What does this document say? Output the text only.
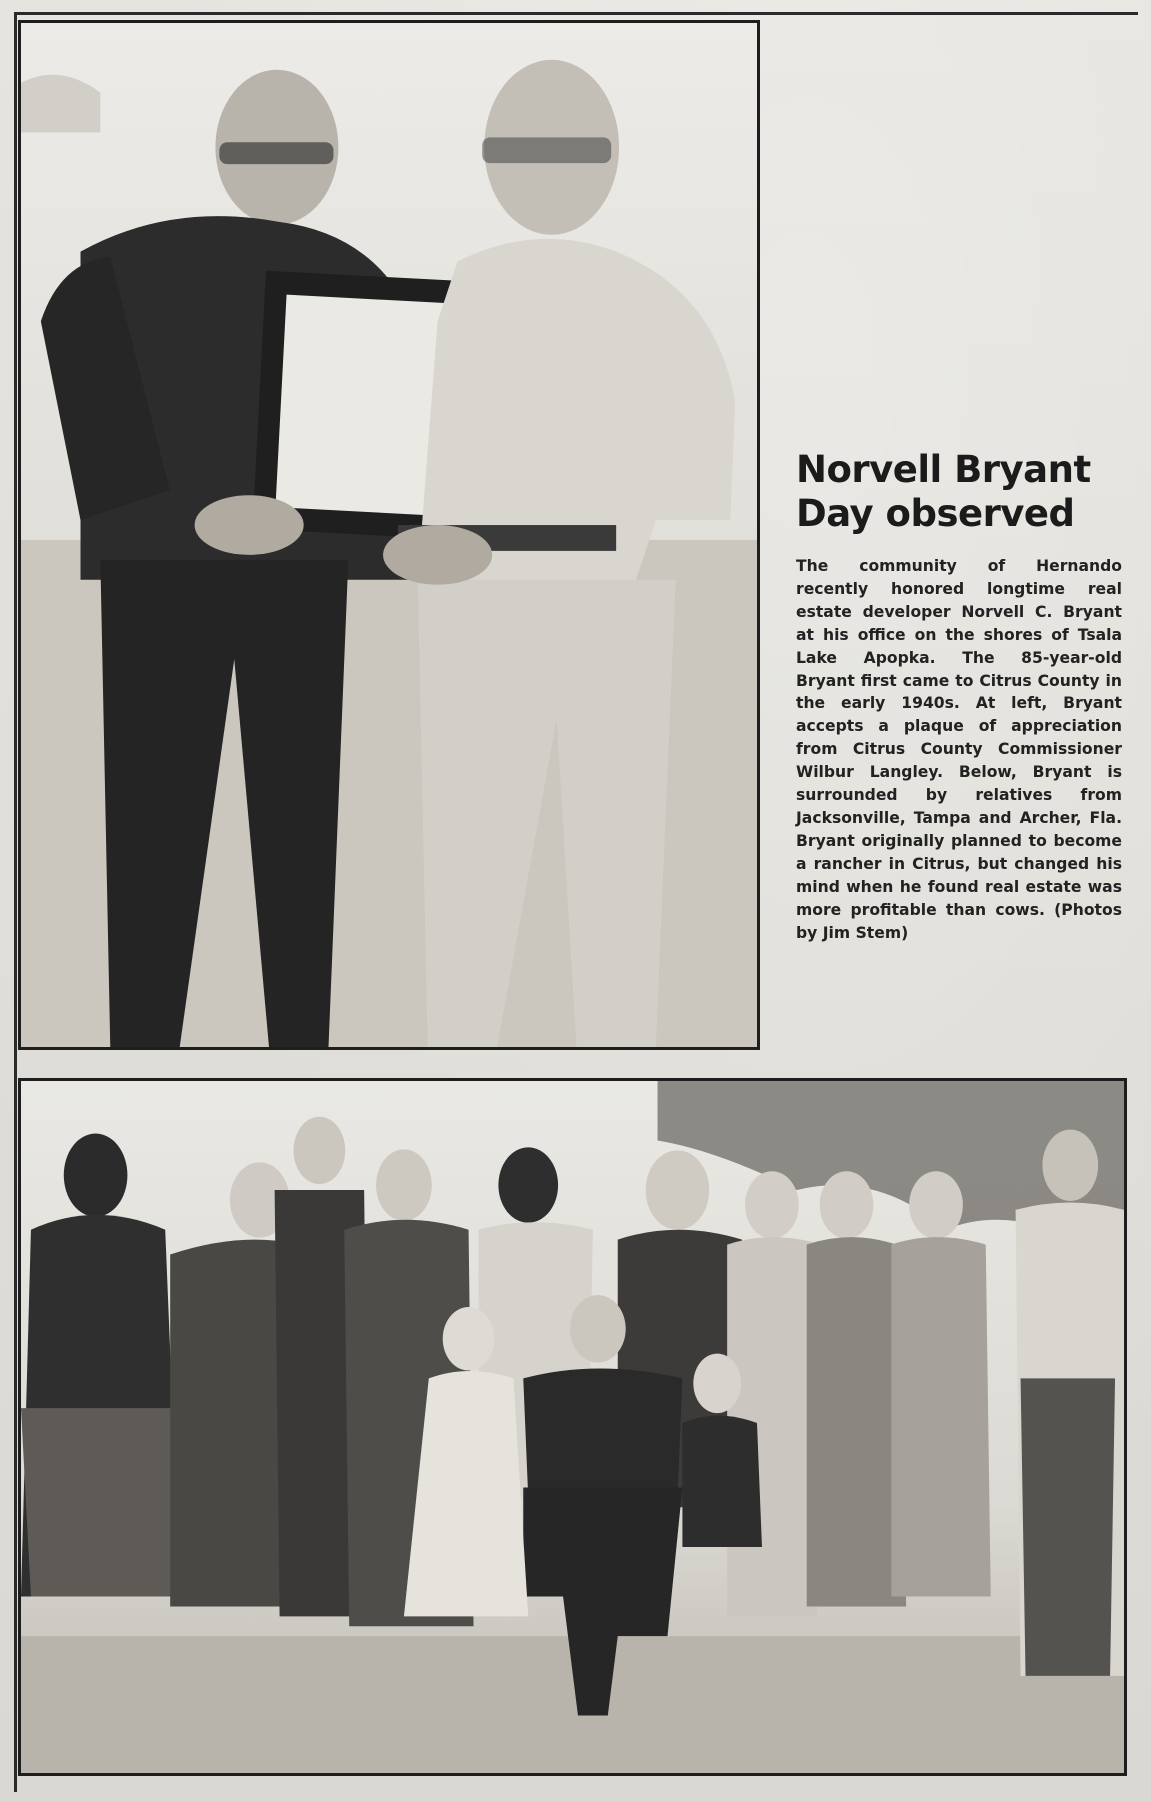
Norvell Bryant Day observed

The community of Hernando recently honored longtime real estate developer Norvell C. Bryant at his office on the shores of Tsala Lake Apopka. The 85-year-old Bryant first came to Citrus County in the early 1940s. At left, Bryant accepts a plaque of appreciation from Citrus County Commissioner Wilbur Langley. Below, Bryant is surrounded by relatives from Jacksonville, Tampa and Archer, Fla. Bryant originally planned to become a rancher in Citrus, but changed his mind when he found real estate was more profitable than cows. (Photos by Jim Stem)
